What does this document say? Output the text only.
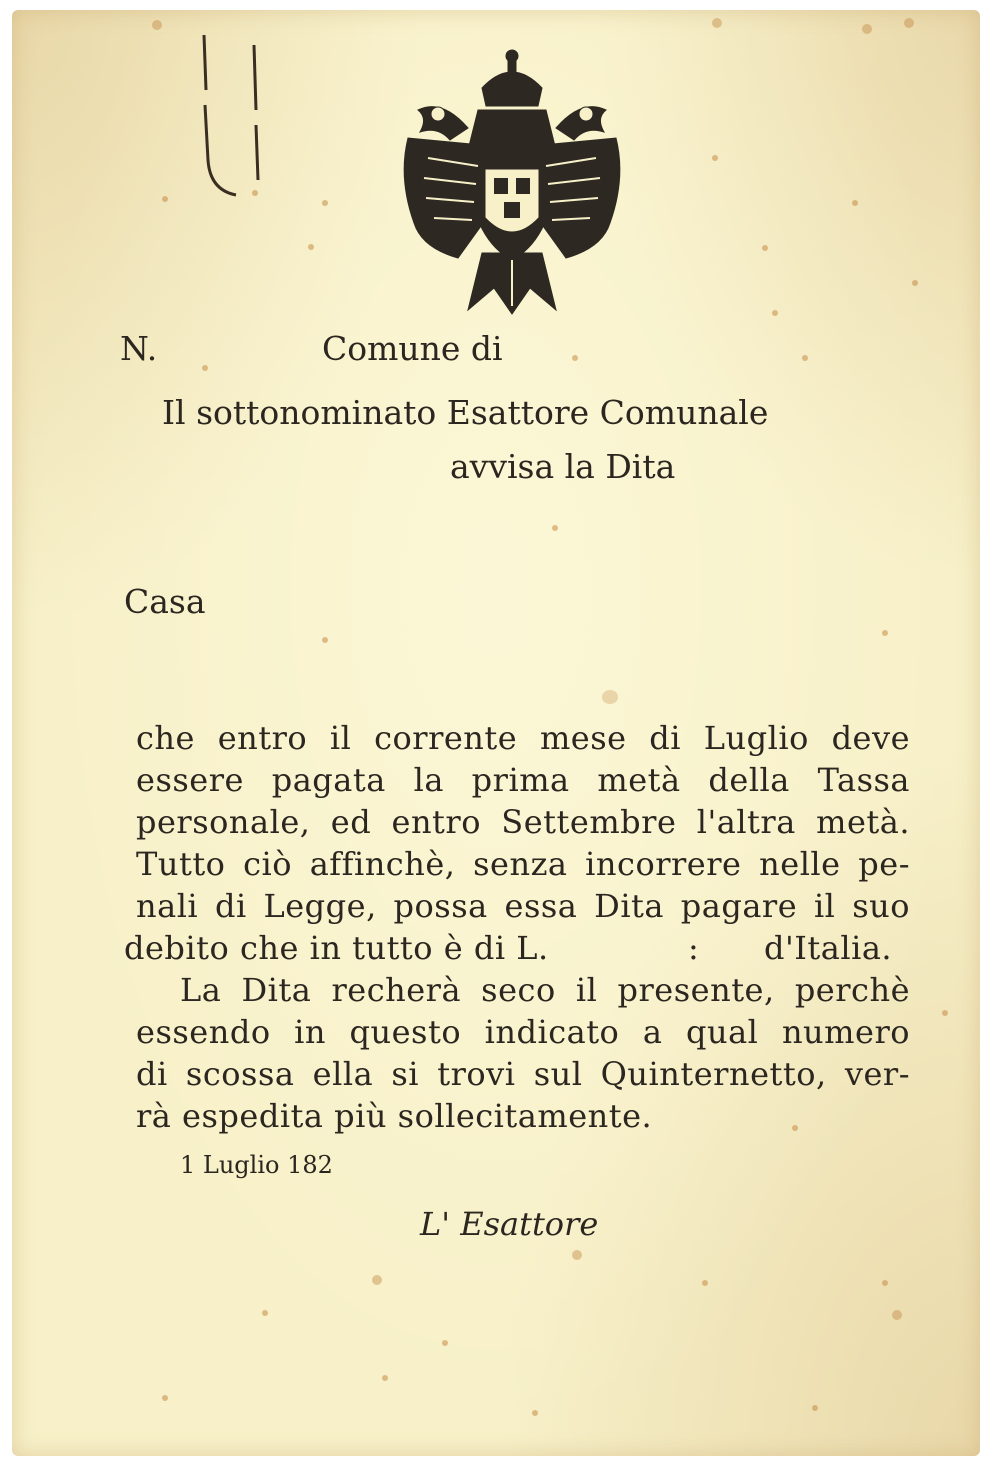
N.	Comune di
Il sottonominato Esattore Comunale
avvisa la Dita
Casa
che entro il corrente mese di Luglio deve
essere pagata la prima metà della Tassa
personale, ed entro Settembre l'altra metà.
Tutto ciò affinchè, senza incorrere nelle pe-
nali di Legge, possa essa Dita pagare il suo
debito che in tutto è di L.	: d'Italia.
La Dita recherà seco il presente, perchè
essendo in questo indicato a qual numero
di scossa ella si trovi sul Quinternetto, ver-
rà espedita più sollecitamente.
1 Luglio 182
L' Esattore
